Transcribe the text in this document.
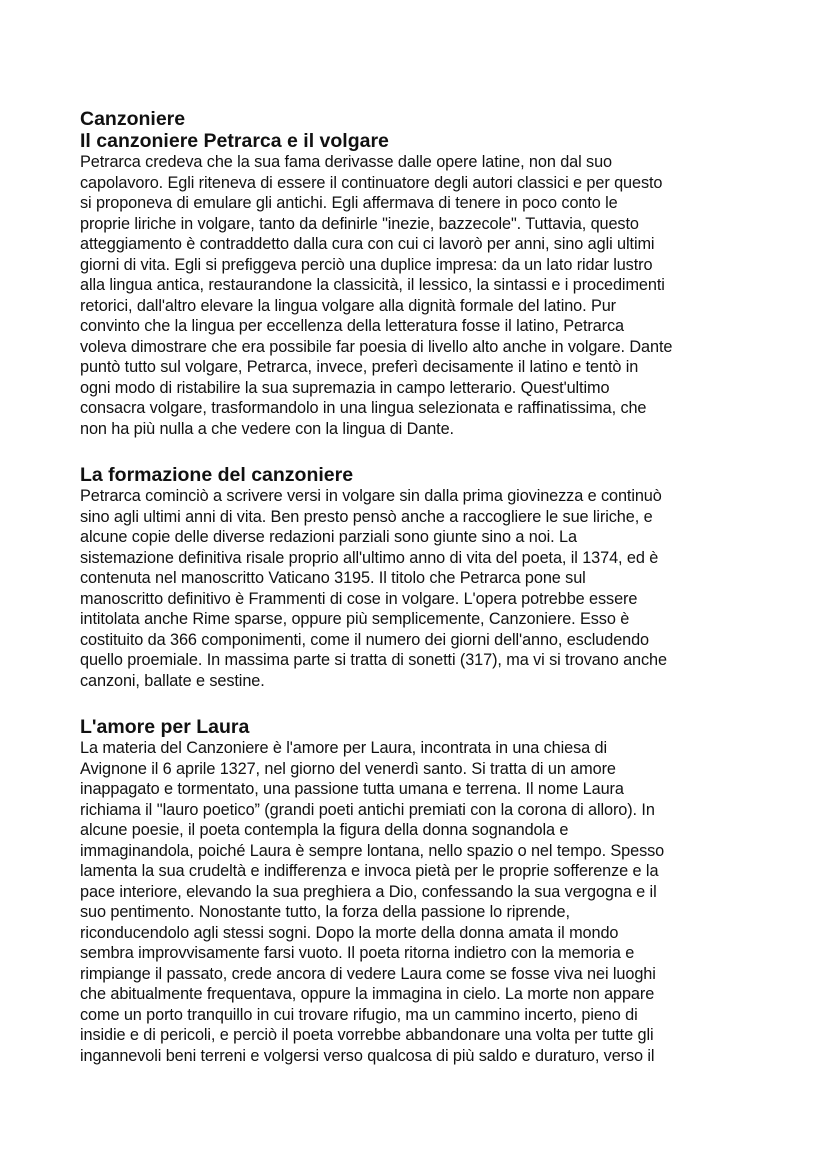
Canzoniere
Il canzoniere Petrarca e il volgare

Petrarca credeva che la sua fama derivasse dalle opere latine, non dal suo
capolavoro. Egli riteneva di essere il continuatore degli autori classici e per questo
si proponeva di emulare gli antichi. Egli affermava di tenere in poco conto le
proprie liriche in volgare, tanto da definirle "inezie, bazzecole". Tuttavia, questo
atteggiamento è contraddetto dalla cura con cui ci lavorò per anni, sino agli ultimi
giorni di vita. Egli si prefiggeva perciò una duplice impresa: da un lato ridar lustro
alla lingua antica, restaurandone la classicità, il lessico, la sintassi e i procedimenti
retorici, dall'altro elevare la lingua volgare alla dignità formale del latino. Pur
convinto che la lingua per eccellenza della letteratura fosse il latino, Petrarca
voleva dimostrare che era possibile far poesia di livello alto anche in volgare. Dante
puntò tutto sul volgare, Petrarca, invece, preferì decisamente il latino e tentò in
ogni modo di ristabilire la sua supremazia in campo letterario. Quest'ultimo
consacra volgare, trasformandolo in una lingua selezionata e raffinatissima, che
non ha più nulla a che vedere con la lingua di Dante.

La formazione del canzoniere

Petrarca cominciò a scrivere versi in volgare sin dalla prima giovinezza e continuò
sino agli ultimi anni di vita. Ben presto pensò anche a raccogliere le sue liriche, e
alcune copie delle diverse redazioni parziali sono giunte sino a noi. La
sistemazione definitiva risale proprio all'ultimo anno di vita del poeta, il 1374, ed è
contenuta nel manoscritto Vaticano 3195. Il titolo che Petrarca pone sul
manoscritto definitivo è Frammenti di cose in volgare. L'opera potrebbe essere
intitolata anche Rime sparse, oppure più semplicemente, Canzoniere. Esso è
costituito da 366 componimenti, come il numero dei giorni dell'anno, escludendo
quello proemiale. In massima parte si tratta di sonetti (317), ma vi si trovano anche
canzoni, ballate e sestine.

L'amore per Laura

La materia del Canzoniere è l'amore per Laura, incontrata in una chiesa di
Avignone il 6 aprile 1327, nel giorno del venerdì santo. Si tratta di un amore
inappagato e tormentato, una passione tutta umana e terrena. Il nome Laura
richiama il ''lauro poetico” (grandi poeti antichi premiati con la corona di alloro). In
alcune poesie, il poeta contempla la figura della donna sognandola e
immaginandola, poiché Laura è sempre lontana, nello spazio o nel tempo. Spesso
lamenta la sua crudeltà e indifferenza e invoca pietà per le proprie sofferenze e la
pace interiore, elevando la sua preghiera a Dio, confessando la sua vergogna e il
suo pentimento. Nonostante tutto, la forza della passione lo riprende,
riconducendolo agli stessi sogni. Dopo la morte della donna amata il mondo
sembra improvvisamente farsi vuoto. Il poeta ritorna indietro con la memoria e
rimpiange il passato, crede ancora di vedere Laura come se fosse viva nei luoghi
che abitualmente frequentava, oppure la immagina in cielo. La morte non appare
come un porto tranquillo in cui trovare rifugio, ma un cammino incerto, pieno di
insidie e di pericoli, e perciò il poeta vorrebbe abbandonare una volta per tutte gli
ingannevoli beni terreni e volgersi verso qualcosa di più saldo e duraturo, verso il
